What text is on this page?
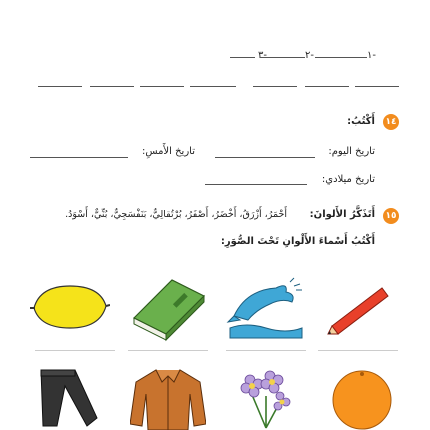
٣-	٢-	١-
١٤
أَكْتُبُ:
تاريخ اليوم:
تاريخ الأَمسِ:
تاريخ ميلادي:
١٥
أَتَذَكَّرُ الأَلوانَ:
أَحْمَرُ، أَزْرَقُ، أَخْضَرُ، أَصْفَرُ، بُرْتُقالِيٌّ، بَنَفْسَجِيٌّ، بُنِّيٌّ، أَسْوَدُ.
أَكْتُبُ أَسْماءَ الأَلْوانِ تَحْتَ الصُّوَرِ:
